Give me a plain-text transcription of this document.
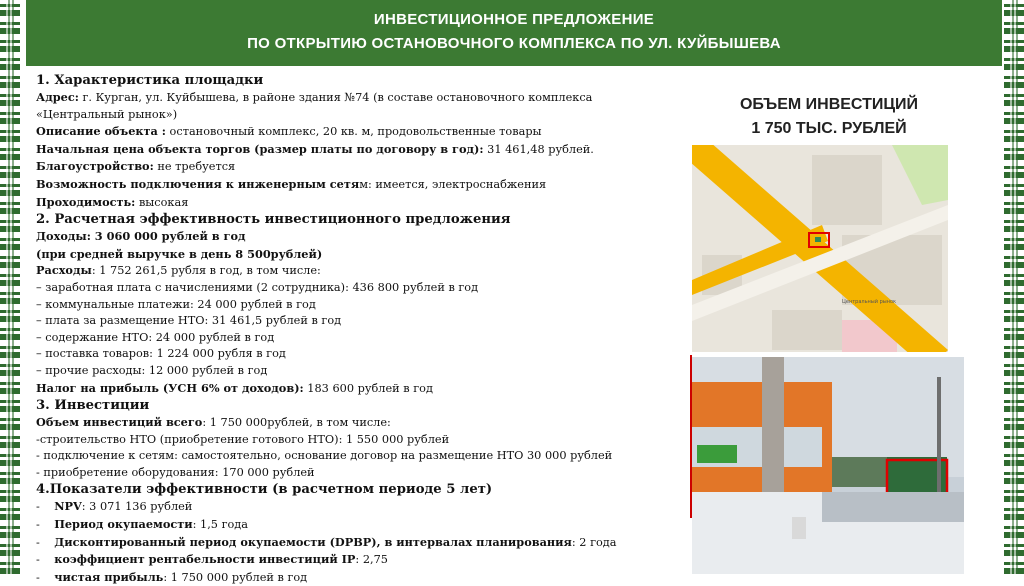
ИНВЕСТИЦИОННОЕ ПРЕДЛОЖЕНИЕ
ПО ОТКРЫТИЮ ОСТАНОВОЧНОГО КОМПЛЕКСА ПО УЛ. КУЙБЫШЕВА
1. Характеристика площадки
Адрес: г. Курган, ул. Куйбышева, в районе здания №74 (в составе остановочного комплекса
«Центральный рынок»)
Описание объекта : остановочный комплекс, 20 кв. м, продовольственные товары
Начальная цена объекта торгов (размер платы по договору в год): 31 461,48 рублей.
Благоустройство: не требуется
Возможность подключения к инженерным сетям: имеется, электроснабжения
Проходимость: высокая
2. Расчетная эффективность инвестиционного предложения
Доходы: 3 060 000 рублей в год
(при средней выручке в день 8 500рублей)
Расходы: 1 752 261,5 рубля в год, в том числе:
– заработная плата с начислениями (2 сотрудника): 436 800 рублей в год
– коммунальные платежи: 24 000 рублей в год
– плата за размещение НТО: 31 461,5 рублей в год
– содержание НТО: 24 000 рублей в год
– поставка товаров: 1 224 000 рубля в год
– прочие расходы: 12 000 рублей в год
Налог на прибыль (УСН 6% от доходов): 183 600 рублей в год
3. Инвестиции
Объем инвестиций всего: 1 750 000рублей, в том числе:
-строительство НТО (приобретение готового НТО): 1 550 000 рублей
- подключение к сетям: самостоятельно, основание договор на размещение НТО 30 000 рублей
- приобретение оборудования: 170 000 рублей
4.Показатели эффективности (в расчетном периоде 5 лет)
-    NPV: 3 071 136 рублей
-    Период окупаемости: 1,5 года
-    Дисконтированный период окупаемости (DPBP), в интервалах планирования: 2 года
-    коэффициент рентабельности инвестиций IP: 2,75
-    чистая прибыль: 1 750 000 рублей в год
ОБЪЕМ ИНВЕСТИЦИЙ
1 750 ТЫС. РУБЛЕЙ
Центральный рынок
